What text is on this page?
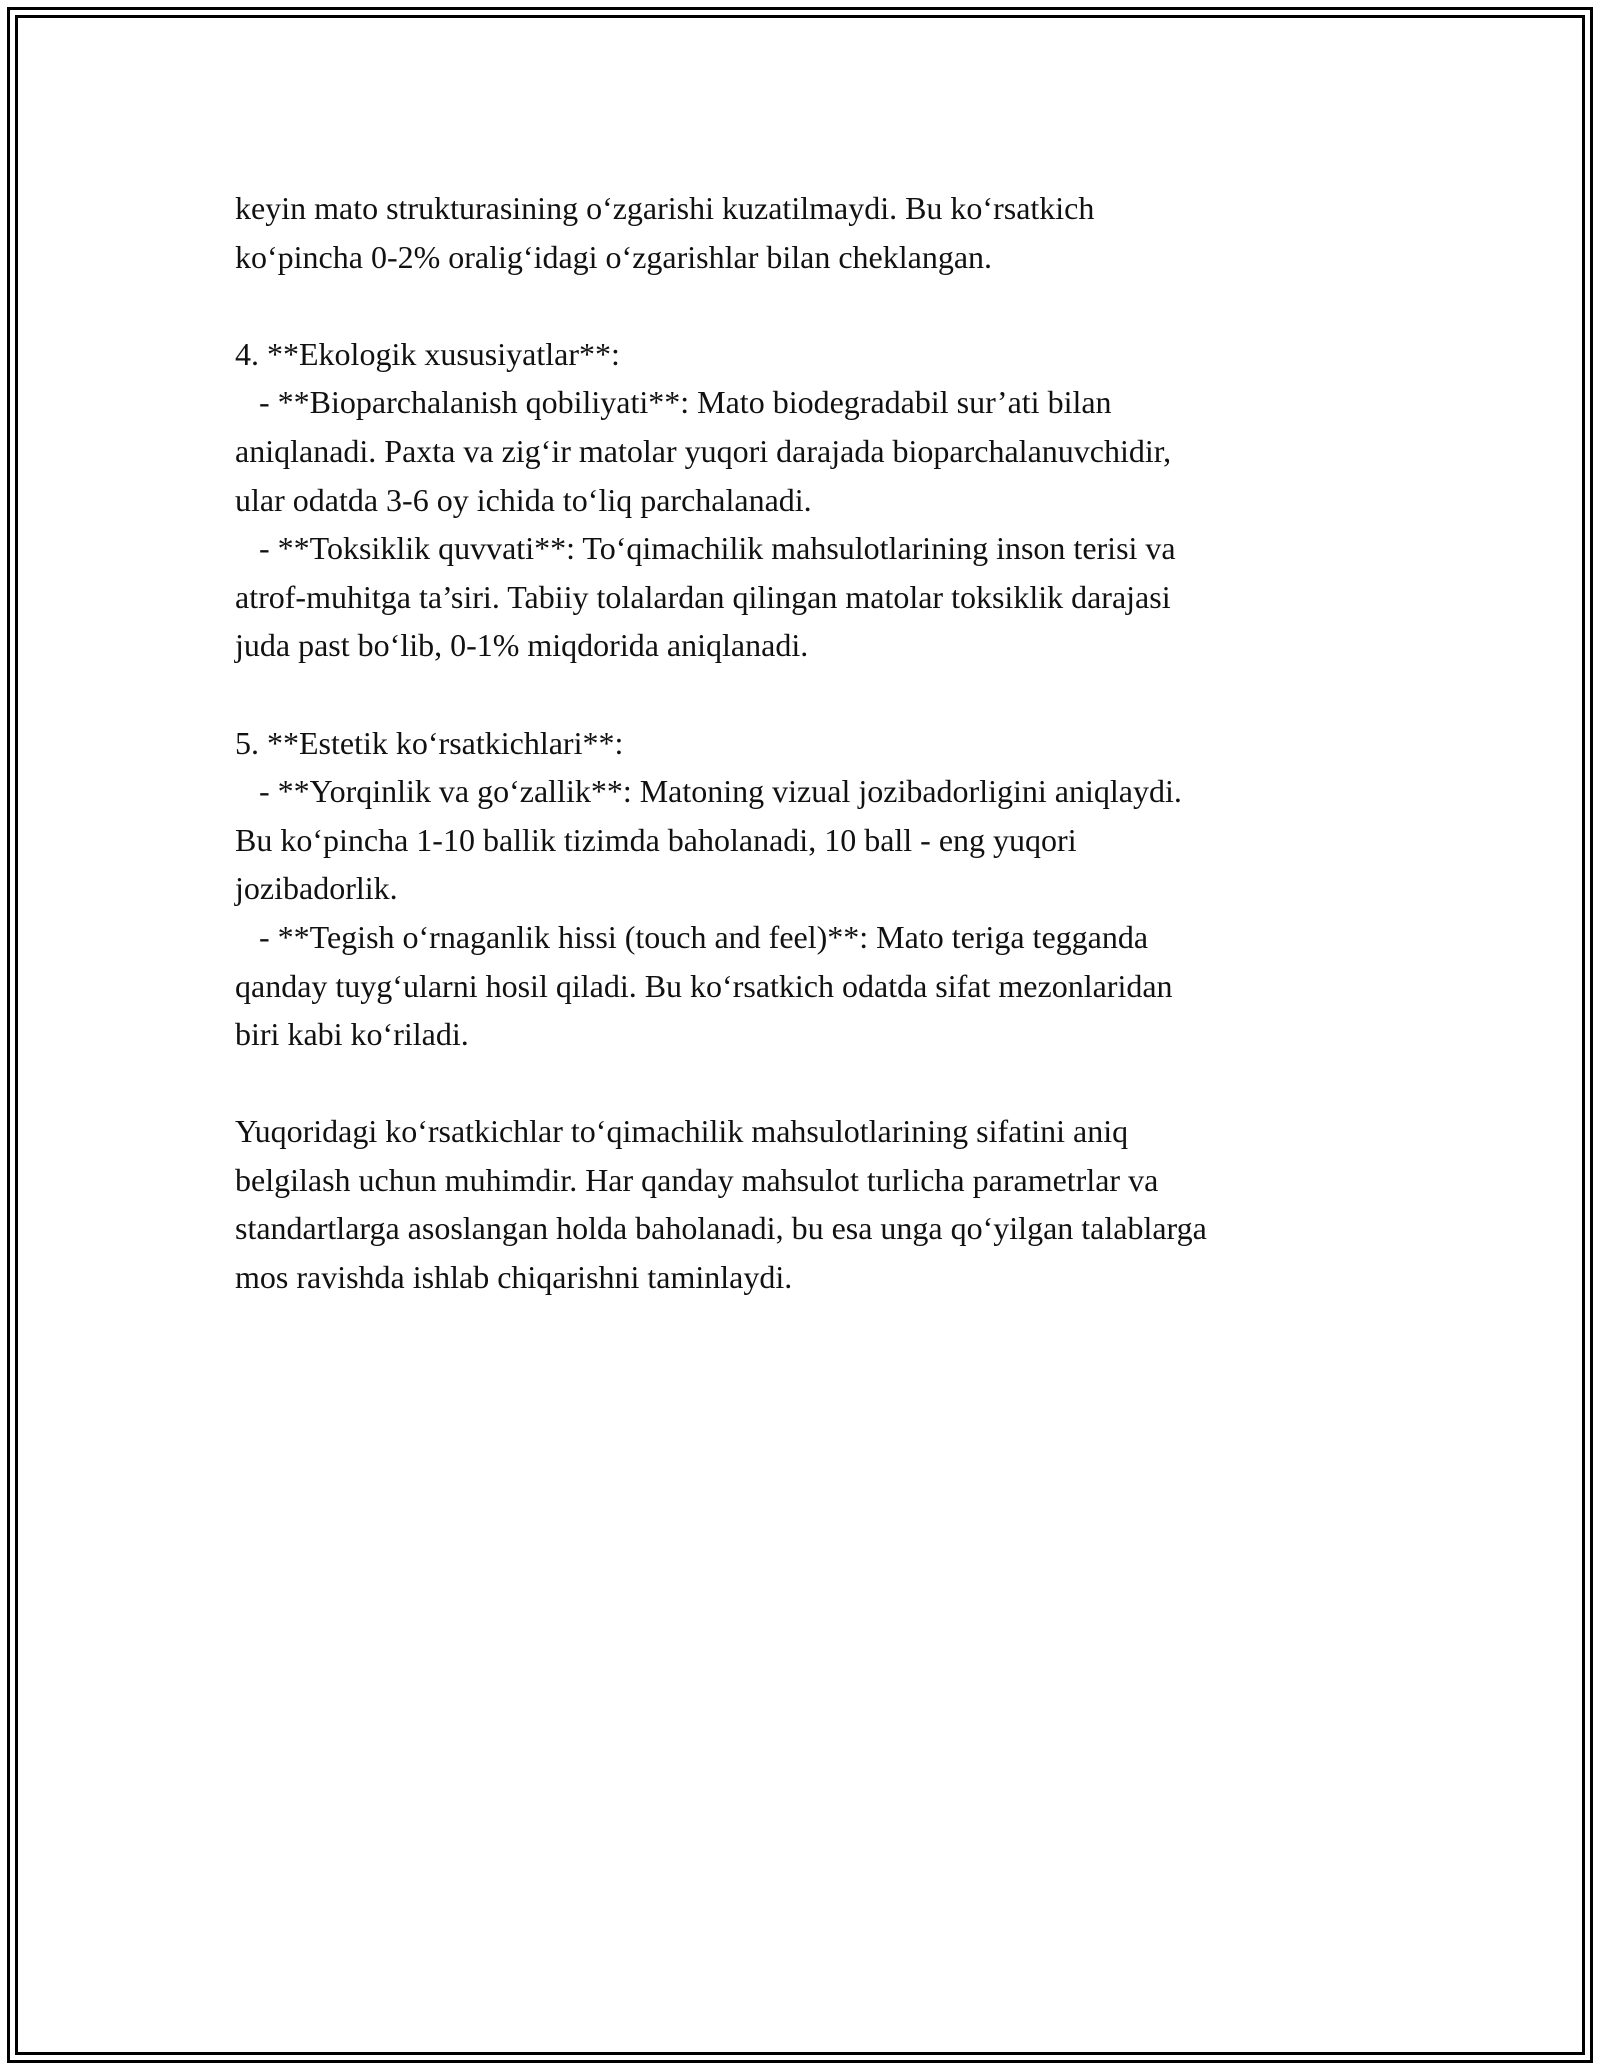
keyin mato strukturasining o‘zgarishi kuzatilmaydi. Bu ko‘rsatkich
ko‘pincha 0-2% oralig‘idagi o‘zgarishlar bilan cheklangan.
4. **Ekologik xususiyatlar**:
- **Bioparchalanish qobiliyati**: Mato biodegradabil sur’ati bilan
aniqlanadi. Paxta va zig‘ir matolar yuqori darajada bioparchalanuvchidir,
ular odatda 3-6 oy ichida to‘liq parchalanadi.
- **Toksiklik quvvati**: To‘qimachilik mahsulotlarining inson terisi va
atrof-muhitga ta’siri. Tabiiy tolalardan qilingan matolar toksiklik darajasi
juda past bo‘lib, 0-1% miqdorida aniqlanadi.
5. **Estetik ko‘rsatkichlari**:
- **Yorqinlik va go‘zallik**: Matoning vizual jozibadorligini aniqlaydi.
Bu ko‘pincha 1-10 ballik tizimda baholanadi, 10 ball - eng yuqori
jozibadorlik.
- **Tegish o‘rnaganlik hissi (touch and feel)**: Mato teriga tegganda
qanday tuyg‘ularni hosil qiladi. Bu ko‘rsatkich odatda sifat mezonlaridan
biri kabi ko‘riladi.
Yuqoridagi ko‘rsatkichlar to‘qimachilik mahsulotlarining sifatini aniq
belgilash uchun muhimdir. Har qanday mahsulot turlicha parametrlar va
standartlarga asoslangan holda baholanadi, bu esa unga qo‘yilgan talablarga
mos ravishda ishlab chiqarishni taminlaydi.
